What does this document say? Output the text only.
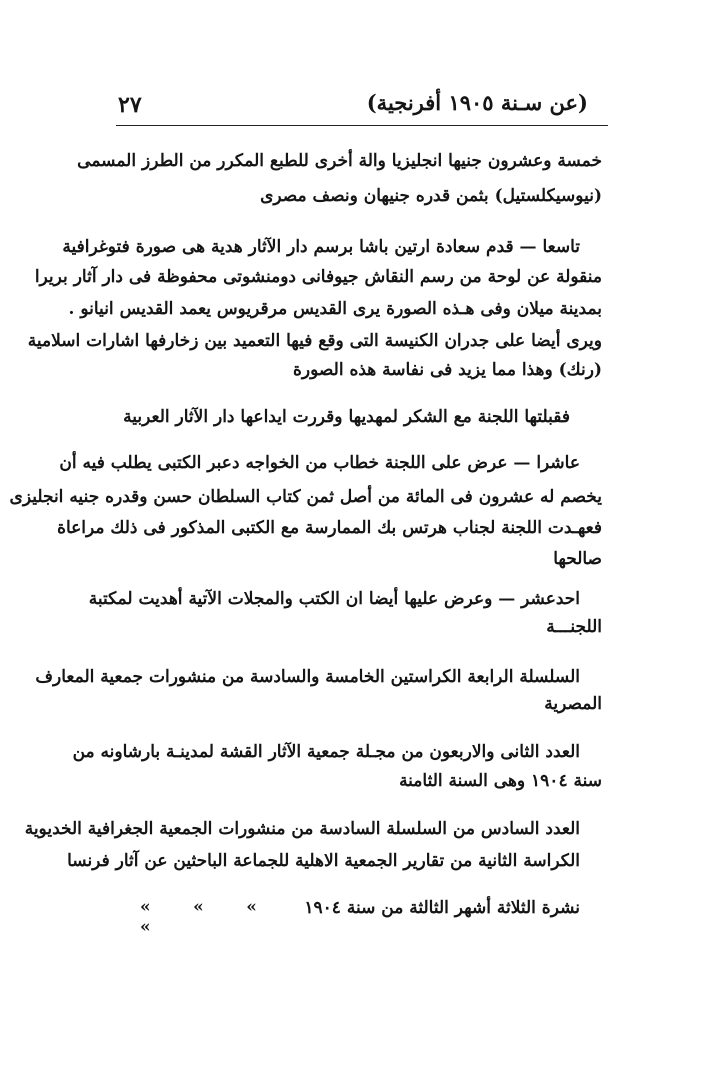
٢٧	(عن سـنة ١٩٠٥ أفرنجية)
خمسة وعشرون جنيها انجليزيا والة أخرى للطبع المكرر من الطرز المسمى
(نيوسيكلستيل) بثمن قدره جنيهان ونصف مصرى
تاسعا — قدم سعادة ارتين باشا برسم دار الآثار هدية هى صورة فتوغرافية
منقولة عن لوحة من رسم النقاش جيوفانى دومنشوتى محفوظة فى دار آثار بريرا
بمدينة ميلان وفى هـذه الصورة يرى القديس مرقريوس يعمد القديس انيانو .
ويرى أيضا على جدران الكنيسة التى وقع فيها التعميد بين زخارفها اشارات اسلامية
(رنك) وهذا مما يزيد فى نفاسة هذه الصورة
فقبلتها اللجنة مع الشكر لمهديها وقررت ايداعها دار الآثار العربية
عاشرا — عرض على اللجنة خطاب من الخواجه دعبر الكتبى يطلب فيه أن
يخصم له عشرون فى المائة من أصل ثمن كتاب السلطان حسن وقدره جنيه انجليزى
فعهـدت اللجنة لجناب هرتس بك الممارسة مع الكتبى المذكور فى ذلك مراعاة
صالحها
احدعشر — وعرض عليها أيضا ان الكتب والمجلات الآتية أهديت لمكتبة
اللجنـــة
السلسلة الرابعة الكراستين الخامسة والسادسة من منشورات جمعية المعارف
المصرية
العدد الثانى والاربعون من مجـلة جمعية الآثار القشة لمدينـة بارشاونه من
سنة ١٩٠٤ وهى السنة الثامنة
العدد السادس من السلسلة السادسة من منشورات الجمعية الجغرافية الخديوية
الكراسة الثانية من تقارير الجمعية الاهلية للجماعة الباحثين عن آثار فرنسا
نشرة الثلاثة أشهر الثالثة من سنة ١٩٠٤
« « « «
